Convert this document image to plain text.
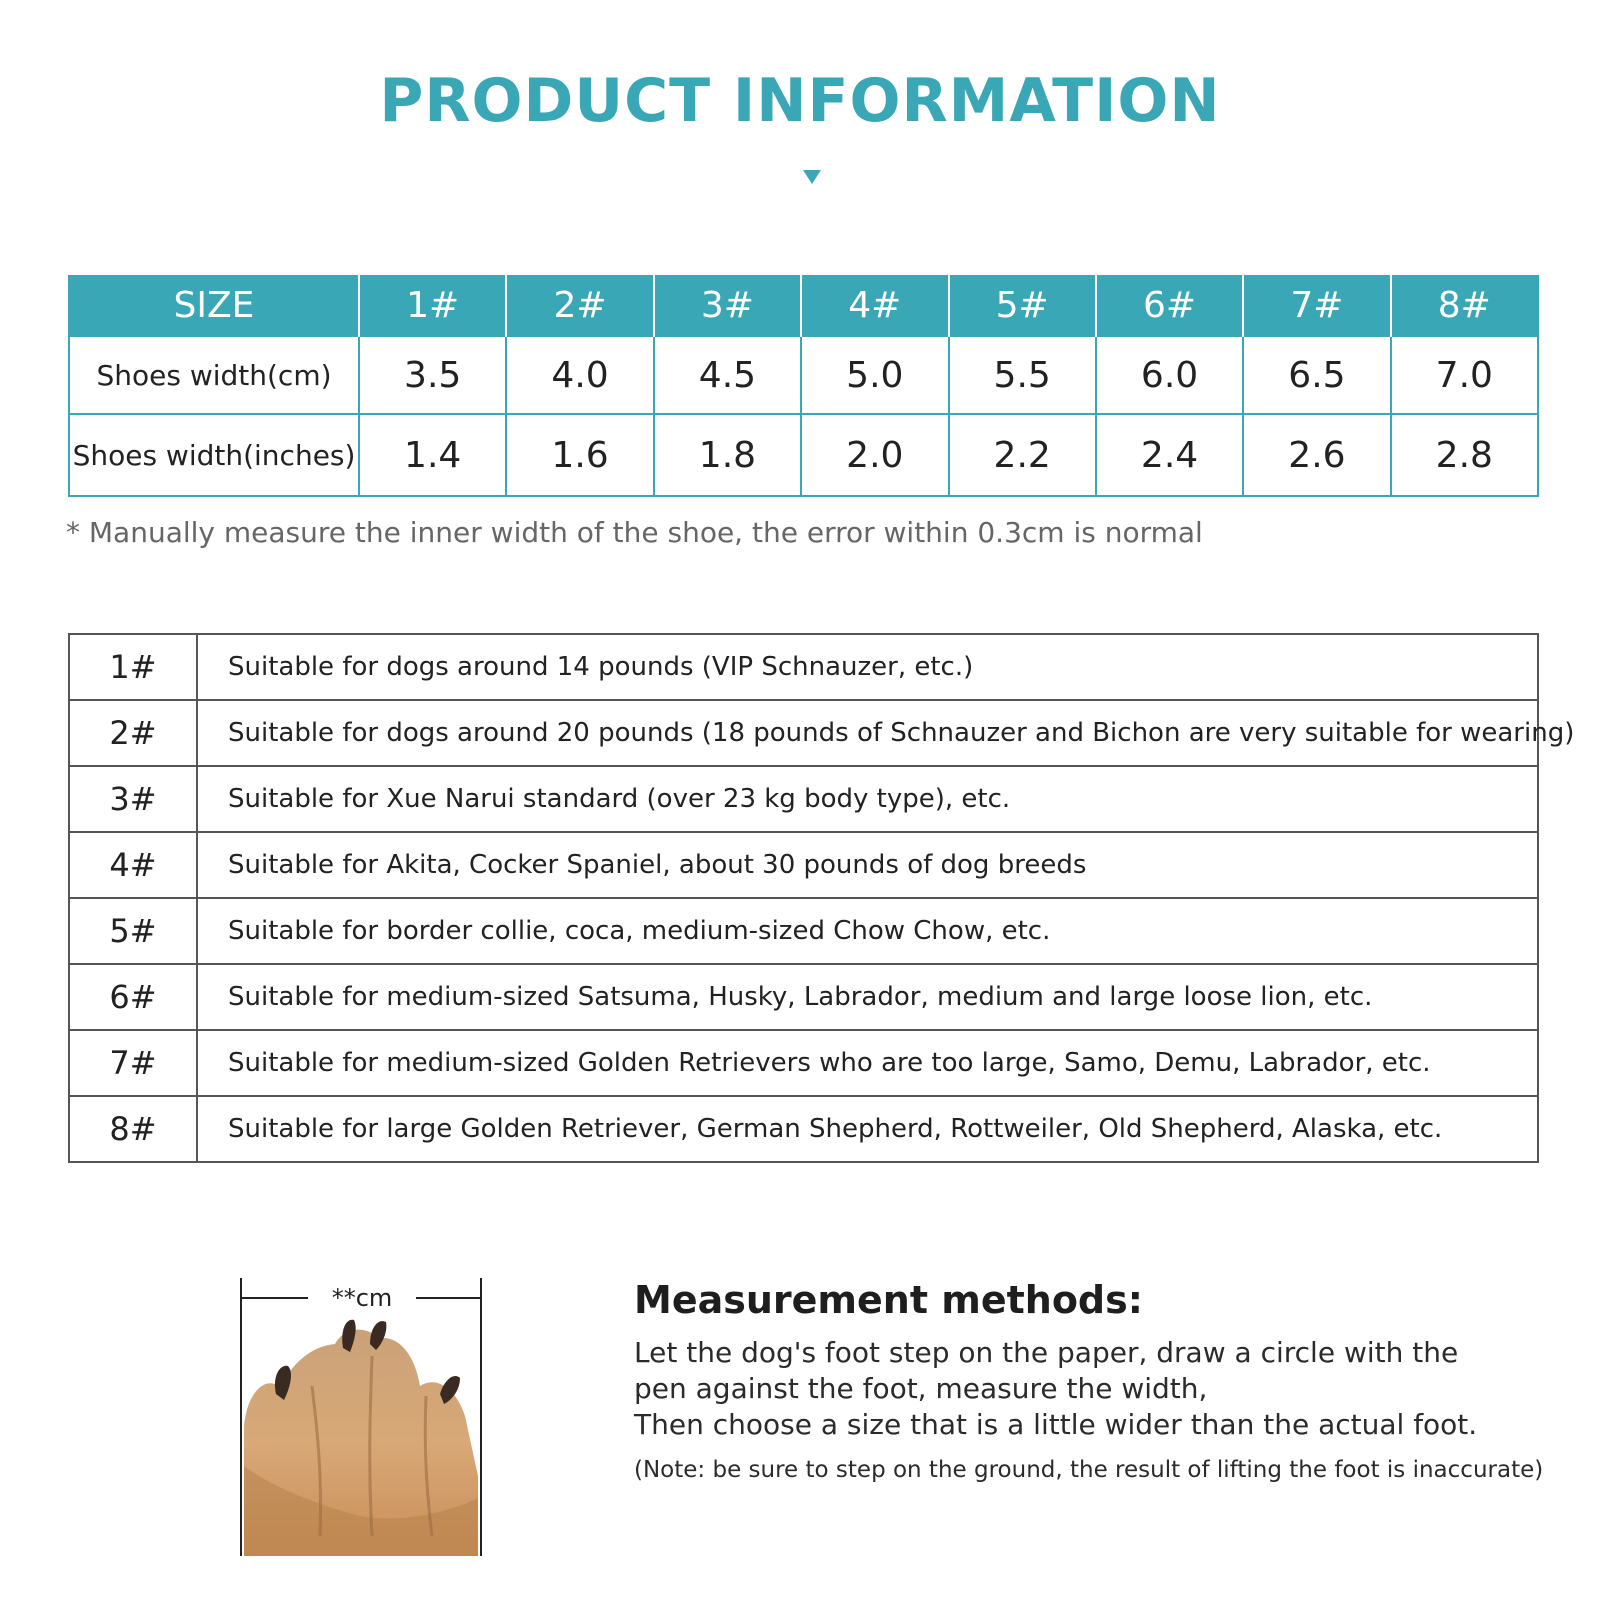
PRODUCT INFORMATION
SIZE	1#	2#	3#	4#	5#	6#	7#	8#
Shoes width(cm)	3.5	4.0	4.5	5.0	5.5	6.0	6.5	7.0
Shoes width(inches)	1.4	1.6	1.8	2.0	2.2	2.4	2.6	2.8

* Manually measure the inner width of the shoe, the error within 0.3cm is normal

1#	Suitable for dogs around 14 pounds (VIP Schnauzer, etc.)
2#	Suitable for dogs around 20 pounds (18 pounds of Schnauzer and Bichon are very suitable for wearing)
3#	Suitable for Xue Narui standard (over 23 kg body type), etc.
4#	Suitable for Akita, Cocker Spaniel, about 30 pounds of dog breeds
5#	Suitable for border collie, coca, medium-sized Chow Chow, etc.
6#	Suitable for medium-sized Satsuma, Husky, Labrador, medium and large loose lion, etc.
7#	Suitable for medium-sized Golden Retrievers who are too large, Samo, Demu, Labrador, etc.
8#	Suitable for large Golden Retriever, German Shepherd, Rottweiler, Old Shepherd, Alaska, etc.
**cm	Measurement methods:

Let the dog's foot step on the paper, draw a circle with the

pen against the foot, measure the width,

Then choose a size that is a little wider than the actual foot.

(Note: be sure to step on the ground, the result of lifting the foot is inaccurate)
